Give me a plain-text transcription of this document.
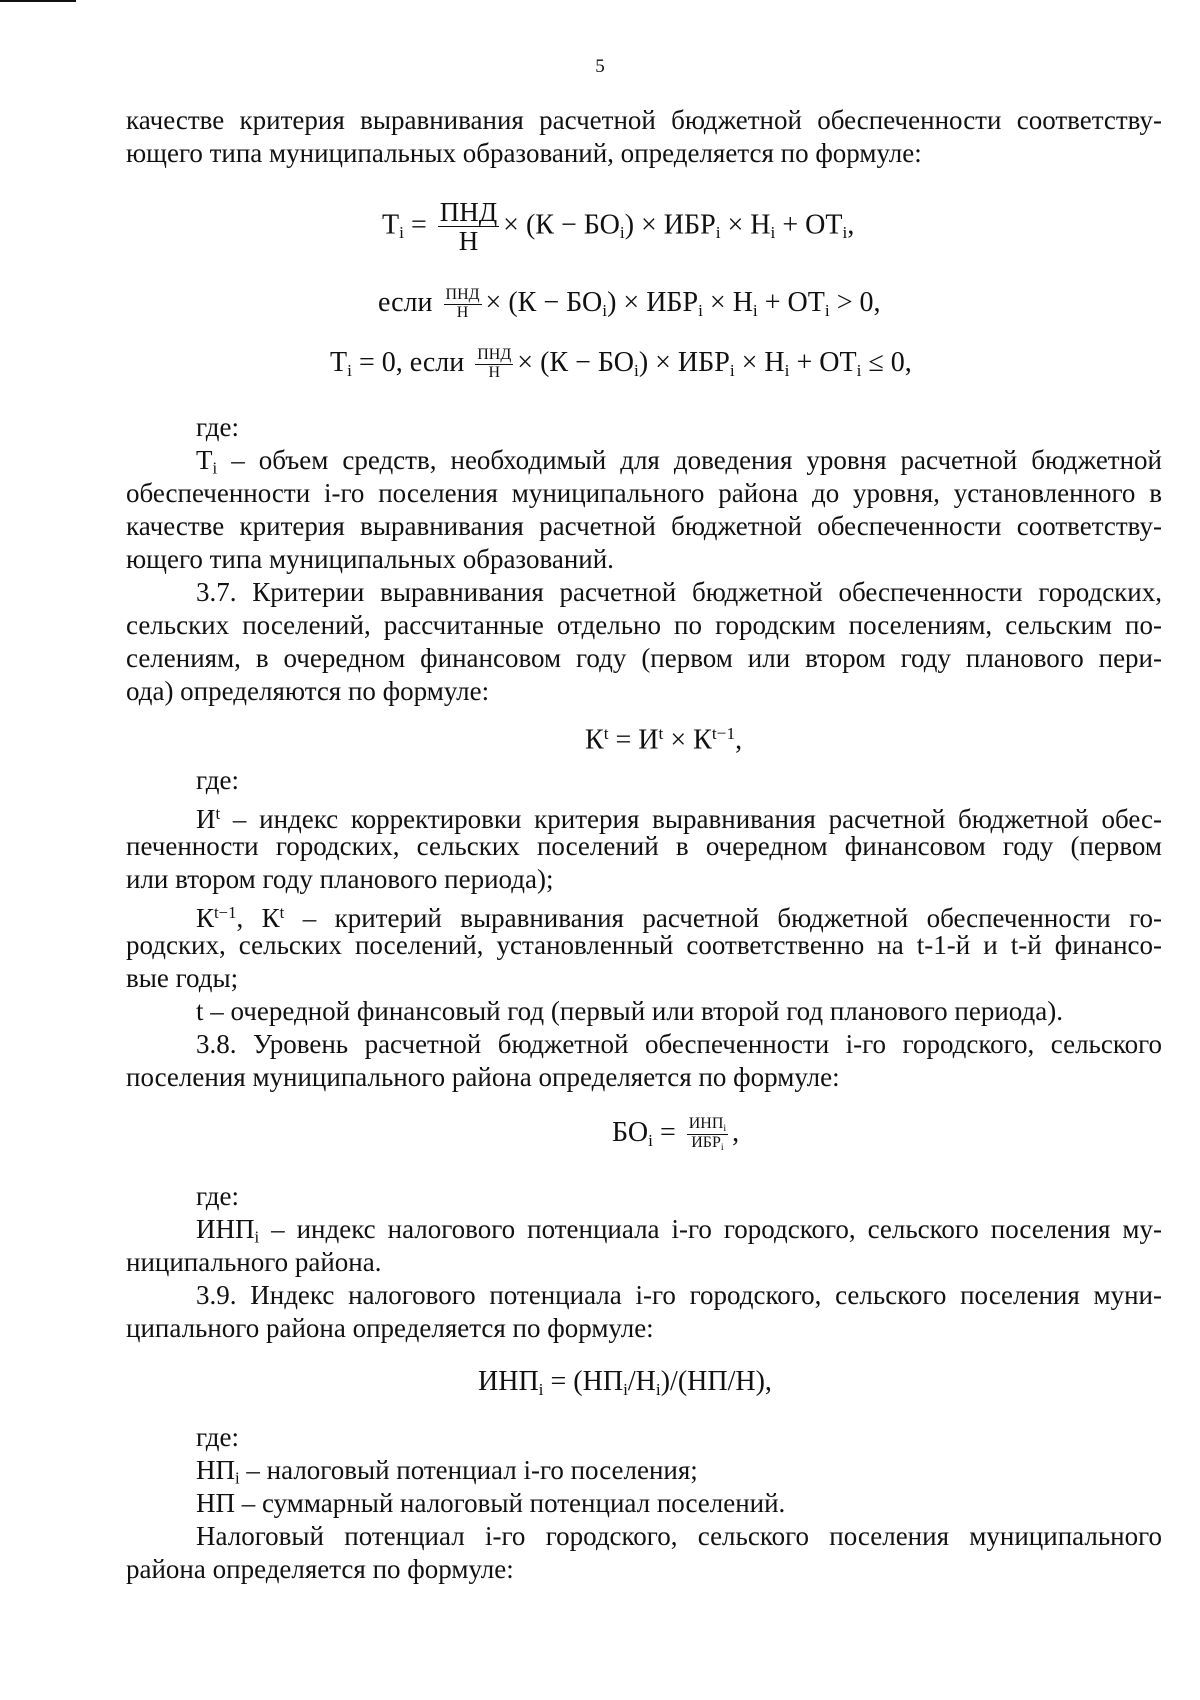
5
качестве критерия выравнивания расчетной бюджетной обеспеченности соответству-
ющего типа муниципальных образований, определяется по формуле:
$T_i = \frac{\text{ПНД}}{Н} \times (К - БО_i) \times ИБР_i \times Н_i + ОТ_i$,
если $\frac{\text{ПНД}}{Н} \times (К - БО_i) \times ИБР_i \times Н_i + ОТ_i > 0$,
$T_i = 0$, если $\frac{\text{ПНД}}{Н} \times (К - БО_i) \times ИБР_i \times Н_i + ОТ_i \le 0$,
где:
$T_i$ – объем средств, необходимый для доведения уровня расчетной бюджетной
обеспеченности i-го поселения муниципального района до уровня, установленного в
качестве критерия выравнивания расчетной бюджетной обеспеченности соответству-
ющего типа муниципальных образований.
3.7. Критерии выравнивания расчетной бюджетной обеспеченности городских,
сельских поселений, рассчитанные отдельно по городским поселениям, сельским по-
селениям, в очередном финансовом году (первом или втором году планового пери-
ода) определяются по формуле:
$К^t = И^t \times К^{t-1}$,
где:
$И^t$ – индекс корректировки критерия выравнивания расчетной бюджетной обес-
печенности городских, сельских поселений в очередном финансовом году (первом
или втором году планового периода);
$К^{t-1}$, $К^t$ – критерий выравнивания расчетной бюджетной обеспеченности го-
родских, сельских поселений, установленный соответственно на t-1-й и t-й финансо-
вые годы;
t – очередной финансовый год (первый или второй год планового периода).
3.8. Уровень расчетной бюджетной обеспеченности i-го городского, сельского
поселения муниципального района определяется по формуле:
$БО_i = \frac{ИНП_i}{ИБР_i}$ ,
где:
$ИНП_i$ – индекс налогового потенциала i-го городского, сельского поселения му-
ниципального района.
3.9. Индекс налогового потенциала i-го городского, сельского поселения муни-
ципального района определяется по формуле:
$ИНП_i = (НП_i/Н_i)/(НП/Н)$,
где:
$НП_i$ – налоговый потенциал i-го поселения;
НП – суммарный налоговый потенциал поселений.
Налоговый потенциал i-го городского, сельского поселения муниципального
района определяется по формуле:
